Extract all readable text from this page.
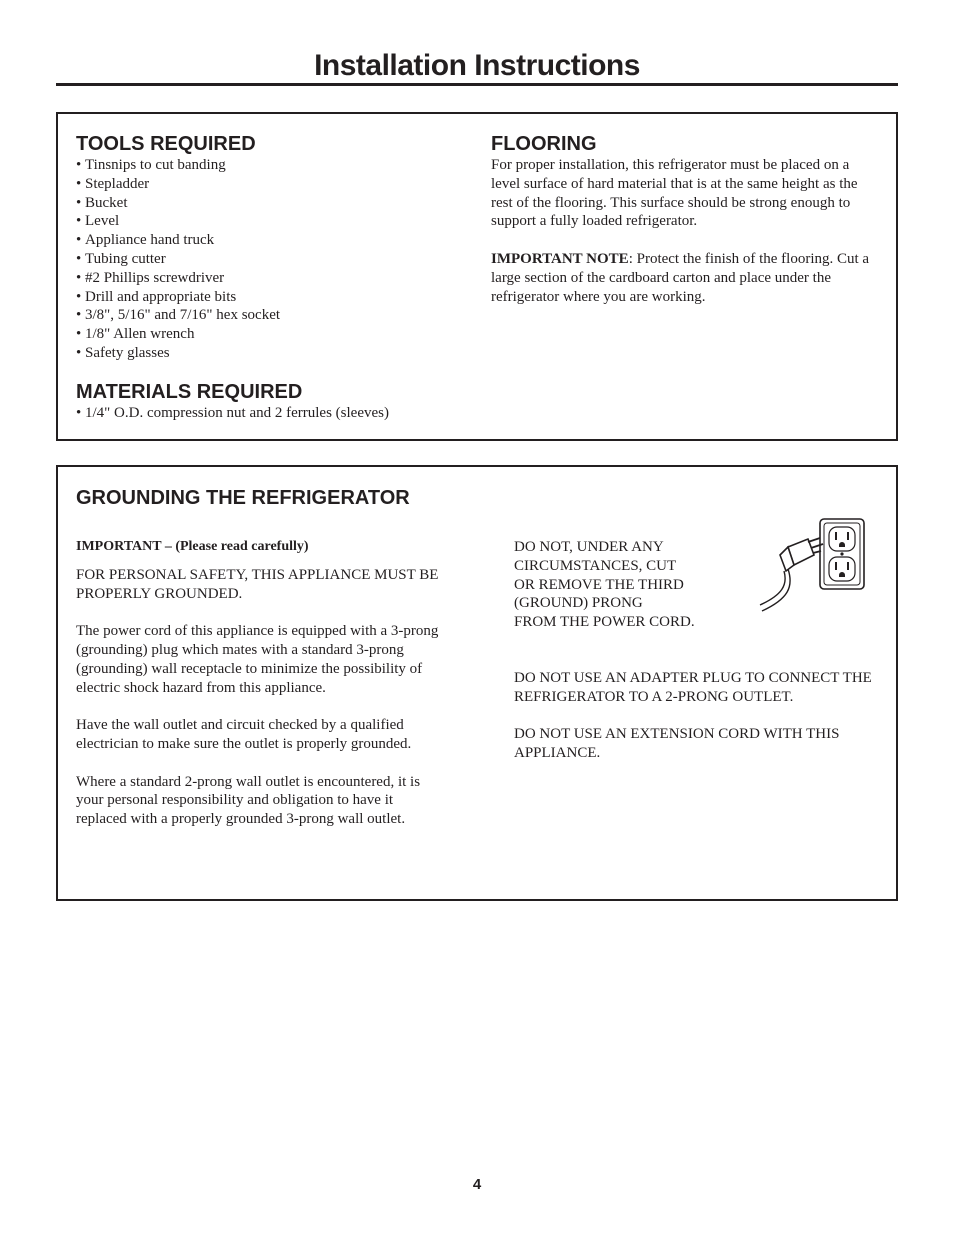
Installation Instructions
TOOLS REQUIRED
• Tinsnips to cut banding
• Stepladder
• Bucket
• Level
• Appliance hand truck
• Tubing cutter
• #2 Phillips screwdriver
• Drill and appropriate bits
• 3/8", 5/16" and 7/16" hex socket
• 1/8" Allen wrench
• Safety glasses
MATERIALS REQUIRED
• 1/4" O.D. compression nut and 2 ferrules (sleeves)
FLOORING

For proper installation, this refrigerator must be placed on a level surface of hard material that is at the same height as the rest of the flooring. This surface should be strong enough to support a fully loaded refrigerator.

IMPORTANT NOTE: Protect the finish of the flooring. Cut a large section of the cardboard carton and place under the refrigerator where you are working.

GROUNDING THE REFRIGERATOR

IMPORTANT – (Please read carefully)

FOR PERSONAL SAFETY, THIS APPLIANCE MUST BE PROPERLY GROUNDED.

The power cord of this appliance is equipped with a 3-prong (grounding) plug which mates with a standard 3-prong (grounding) wall receptacle to minimize the possibility of electric shock hazard from this appliance.

Have the wall outlet and circuit checked by a qualified electrician to make sure the outlet is properly grounded.

Where a standard 2-prong wall outlet is encountered, it is your personal responsibility and obligation to have it replaced with a properly grounded 3-prong wall outlet.

DO NOT, UNDER ANY
CIRCUMSTANCES, CUT
OR REMOVE THE THIRD
(GROUND) PRONG
FROM THE POWER CORD.

DO NOT USE AN ADAPTER PLUG TO CONNECT THE REFRIGERATOR TO A 2-PRONG OUTLET.

DO NOT USE AN EXTENSION CORD WITH THIS APPLIANCE.

4
